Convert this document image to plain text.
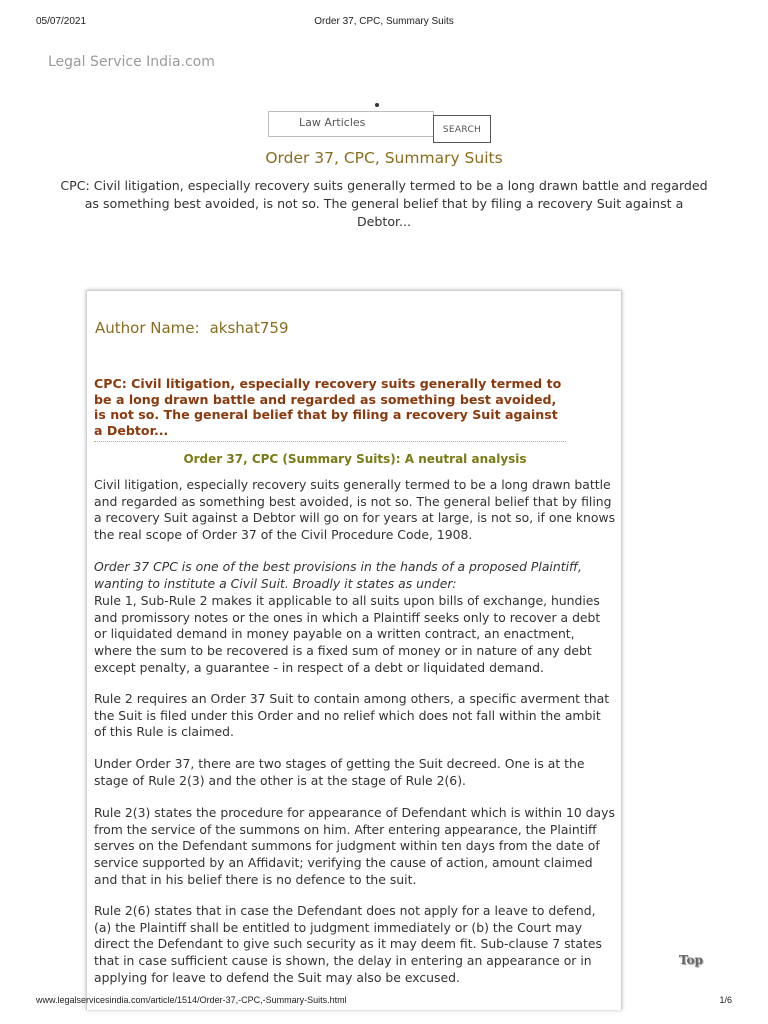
05/07/2021	Order 37, CPC, Summary Suits
Legal Service India.com
Law Articles
SEARCH
Order 37, CPC, Summary Suits
CPC: Civil litigation, especially recovery suits generally termed to be a long drawn battle and regarded as something best avoided, is not so. The general belief that by filing a recovery Suit against a Debtor...
Author Name: akshat759
CPC: Civil litigation, especially recovery suits generally termed to be a long drawn battle and regarded as something best avoided, is not so. The general belief that by filing a recovery Suit against a Debtor...
Order 37, CPC (Summary Suits): A neutral analysis
Civil litigation, especially recovery suits generally termed to be a long drawn battle and regarded as something best avoided, is not so. The general belief that by filing a recovery Suit against a Debtor will go on for years at large, is not so, if one knows the real scope of Order 37 of the Civil Procedure Code, 1908.
Order 37 CPC is one of the best provisions in the hands of a proposed Plaintiff, wanting to institute a Civil Suit. Broadly it states as under:
Rule 1, Sub-Rule 2 makes it applicable to all suits upon bills of exchange, hundies and promissory notes or the ones in which a Plaintiff seeks only to recover a debt or liquidated demand in money payable on a written contract, an enactment, where the sum to be recovered is a fixed sum of money or in nature of any debt except penalty, a guarantee - in respect of a debt or liquidated demand.
Rule 2 requires an Order 37 Suit to contain among others, a specific averment that the Suit is filed under this Order and no relief which does not fall within the ambit of this Rule is claimed.
Under Order 37, there are two stages of getting the Suit decreed. One is at the stage of Rule 2(3) and the other is at the stage of Rule 2(6).
Rule 2(3) states the procedure for appearance of Defendant which is within 10 days from the service of the summons on him. After entering appearance, the Plaintiff serves on the Defendant summons for judgment within ten days from the date of service supported by an Affidavit; verifying the cause of action, amount claimed and that in his belief there is no defence to the suit.
Rule 2(6) states that in case the Defendant does not apply for a leave to defend, (a) the Plaintiff shall be entitled to judgment immediately or (b) the Court may direct the Defendant to give such security as it may deem fit. Sub-clause 7 states that in case sufficient cause is shown, the delay in entering an appearance or in applying for leave to defend the Suit may also be excused.
Top
www.legalservicesindia.com/article/1514/Order-37,-CPC,-Summary-Suits.html	1/6
